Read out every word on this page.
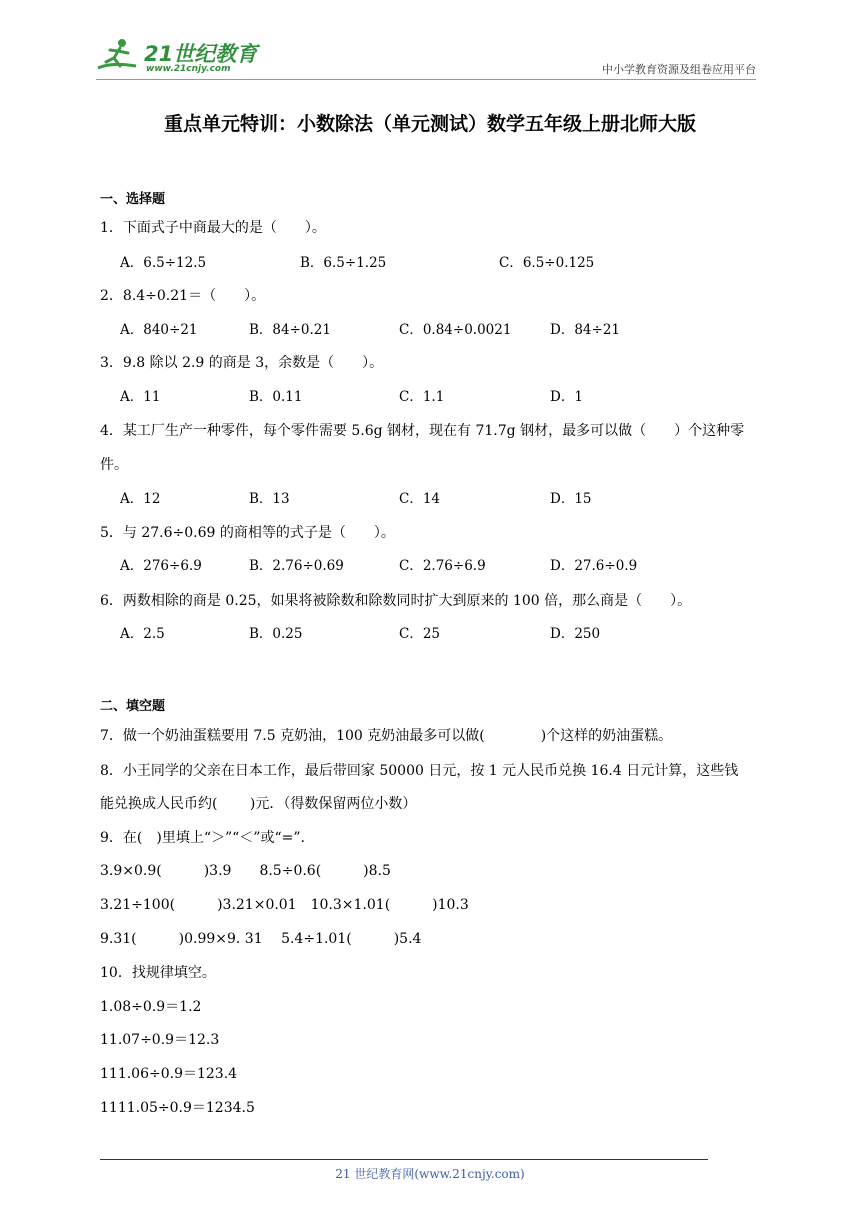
21世纪教育
www.21cnjy.com	中小学教育资源及组卷应用平台
重点单元特训：小数除法（单元测试）数学五年级上册北师大版
一、选择题
1．下面式子中商最大的是（　　）。
A．6.5÷12.5	B．6.5÷1.25	C．6.5÷0.125
2．8.4÷0.21＝（　　）。
A．840÷21	B．84÷0.21	C．0.84÷0.0021	D．84÷21
3．9.8 除以 2.9 的商是 3，余数是（　　）。
A．11	B．0.11	C．1.1	D．1
4．某工厂生产一种零件，每个零件需要 5.6g 钢材，现在有 71.7g 钢材，最多可以做（　　）个这种零
件。
A．12	B．13	C．14	D．15
5．与 27.6÷0.69 的商相等的式子是（　　）。
A．276÷6.9	B．2.76÷0.69	C．2.76÷6.9	D．27.6÷0.9
6．两数相除的商是 0.25，如果将被除数和除数同时扩大到原来的 100 倍，那么商是（　　）。
A．2.5	B．0.25	C．25	D．250
二、填空题
7．做一个奶油蛋糕要用 7.5 克奶油，100 克奶油最多可以做(　　　　)个这样的奶油蛋糕。
8．小王同学的父亲在日本工作，最后带回家 50000 日元，按 1 元人民币兑换 16.4 日元计算，这些钱
能兑换成人民币约(　　 )元．（得数保留两位小数）
9．在(　)里填上“＞”“＜”或“=”.
3.9×0.9(　　　)3.9　　8.5÷0.6(　　　)8.5
3.21÷100(　　　)3.21×0.01　10.3×1.01(　　　)10.3
9.31(　　　)0.99×9. 31　 5.4÷1.01(　　　)5.4
10．找规律填空。
1.08÷0.9＝1.2
11.07÷0.9＝12.3
111.06÷0.9＝123.4
1111.05÷0.9＝1234.5
21 世纪教育网(www.21cnjy.com)
